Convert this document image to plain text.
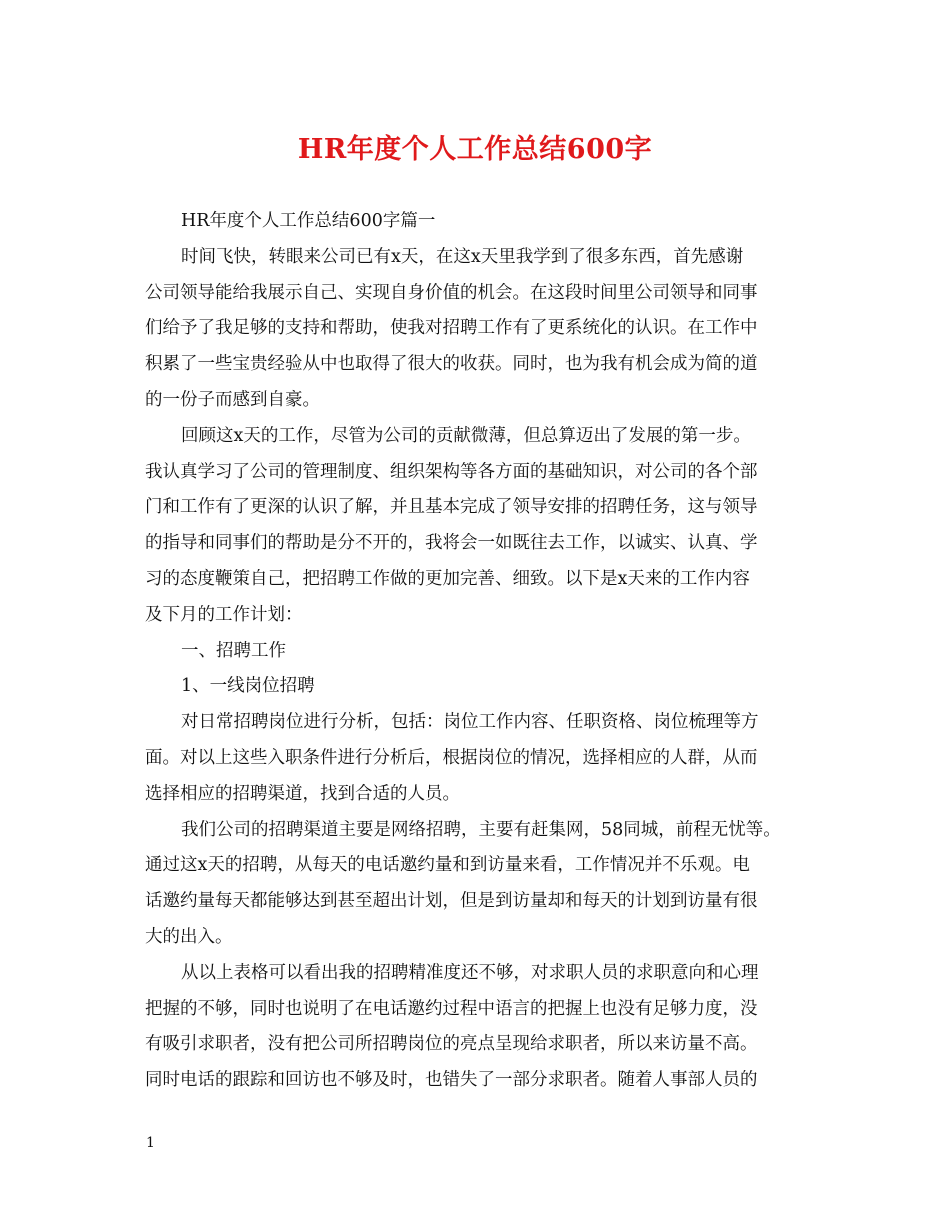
HR年度个人工作总结600字
HR年度个人工作总结600字篇一
时间飞快，转眼来公司已有x天，在这x天里我学到了很多东西，首先感谢
公司领导能给我展示自己、实现自身价值的机会。在这段时间里公司领导和同事
们给予了我足够的支持和帮助，使我对招聘工作有了更系统化的认识。在工作中
积累了一些宝贵经验从中也取得了很大的收获。同时，也为我有机会成为简的道
的一份子而感到自豪。
回顾这x天的工作，尽管为公司的贡献微薄，但总算迈出了发展的第一步。
我认真学习了公司的管理制度、组织架构等各方面的基础知识，对公司的各个部
门和工作有了更深的认识了解，并且基本完成了领导安排的招聘任务，这与领导
的指导和同事们的帮助是分不开的，我将会一如既往去工作，以诚实、认真、学
习的态度鞭策自己，把招聘工作做的更加完善、细致。以下是x天来的工作内容
及下月的工作计划：
一、招聘工作
1、一线岗位招聘
对日常招聘岗位进行分析，包括：岗位工作内容、任职资格、岗位梳理等方
面。对以上这些入职条件进行分析后，根据岗位的情况，选择相应的人群，从而
选择相应的招聘渠道，找到合适的人员。
我们公司的招聘渠道主要是网络招聘，主要有赶集网，58同城，前程无忧等。
通过这x天的招聘，从每天的电话邀约量和到访量来看，工作情况并不乐观。电
话邀约量每天都能够达到甚至超出计划，但是到访量却和每天的计划到访量有很
大的出入。
从以上表格可以看出我的招聘精准度还不够，对求职人员的求职意向和心理
把握的不够，同时也说明了在电话邀约过程中语言的把握上也没有足够力度，没
有吸引求职者，没有把公司所招聘岗位的亮点呈现给求职者，所以来访量不高。
同时电话的跟踪和回访也不够及时，也错失了一部分求职者。随着人事部人员的
1
